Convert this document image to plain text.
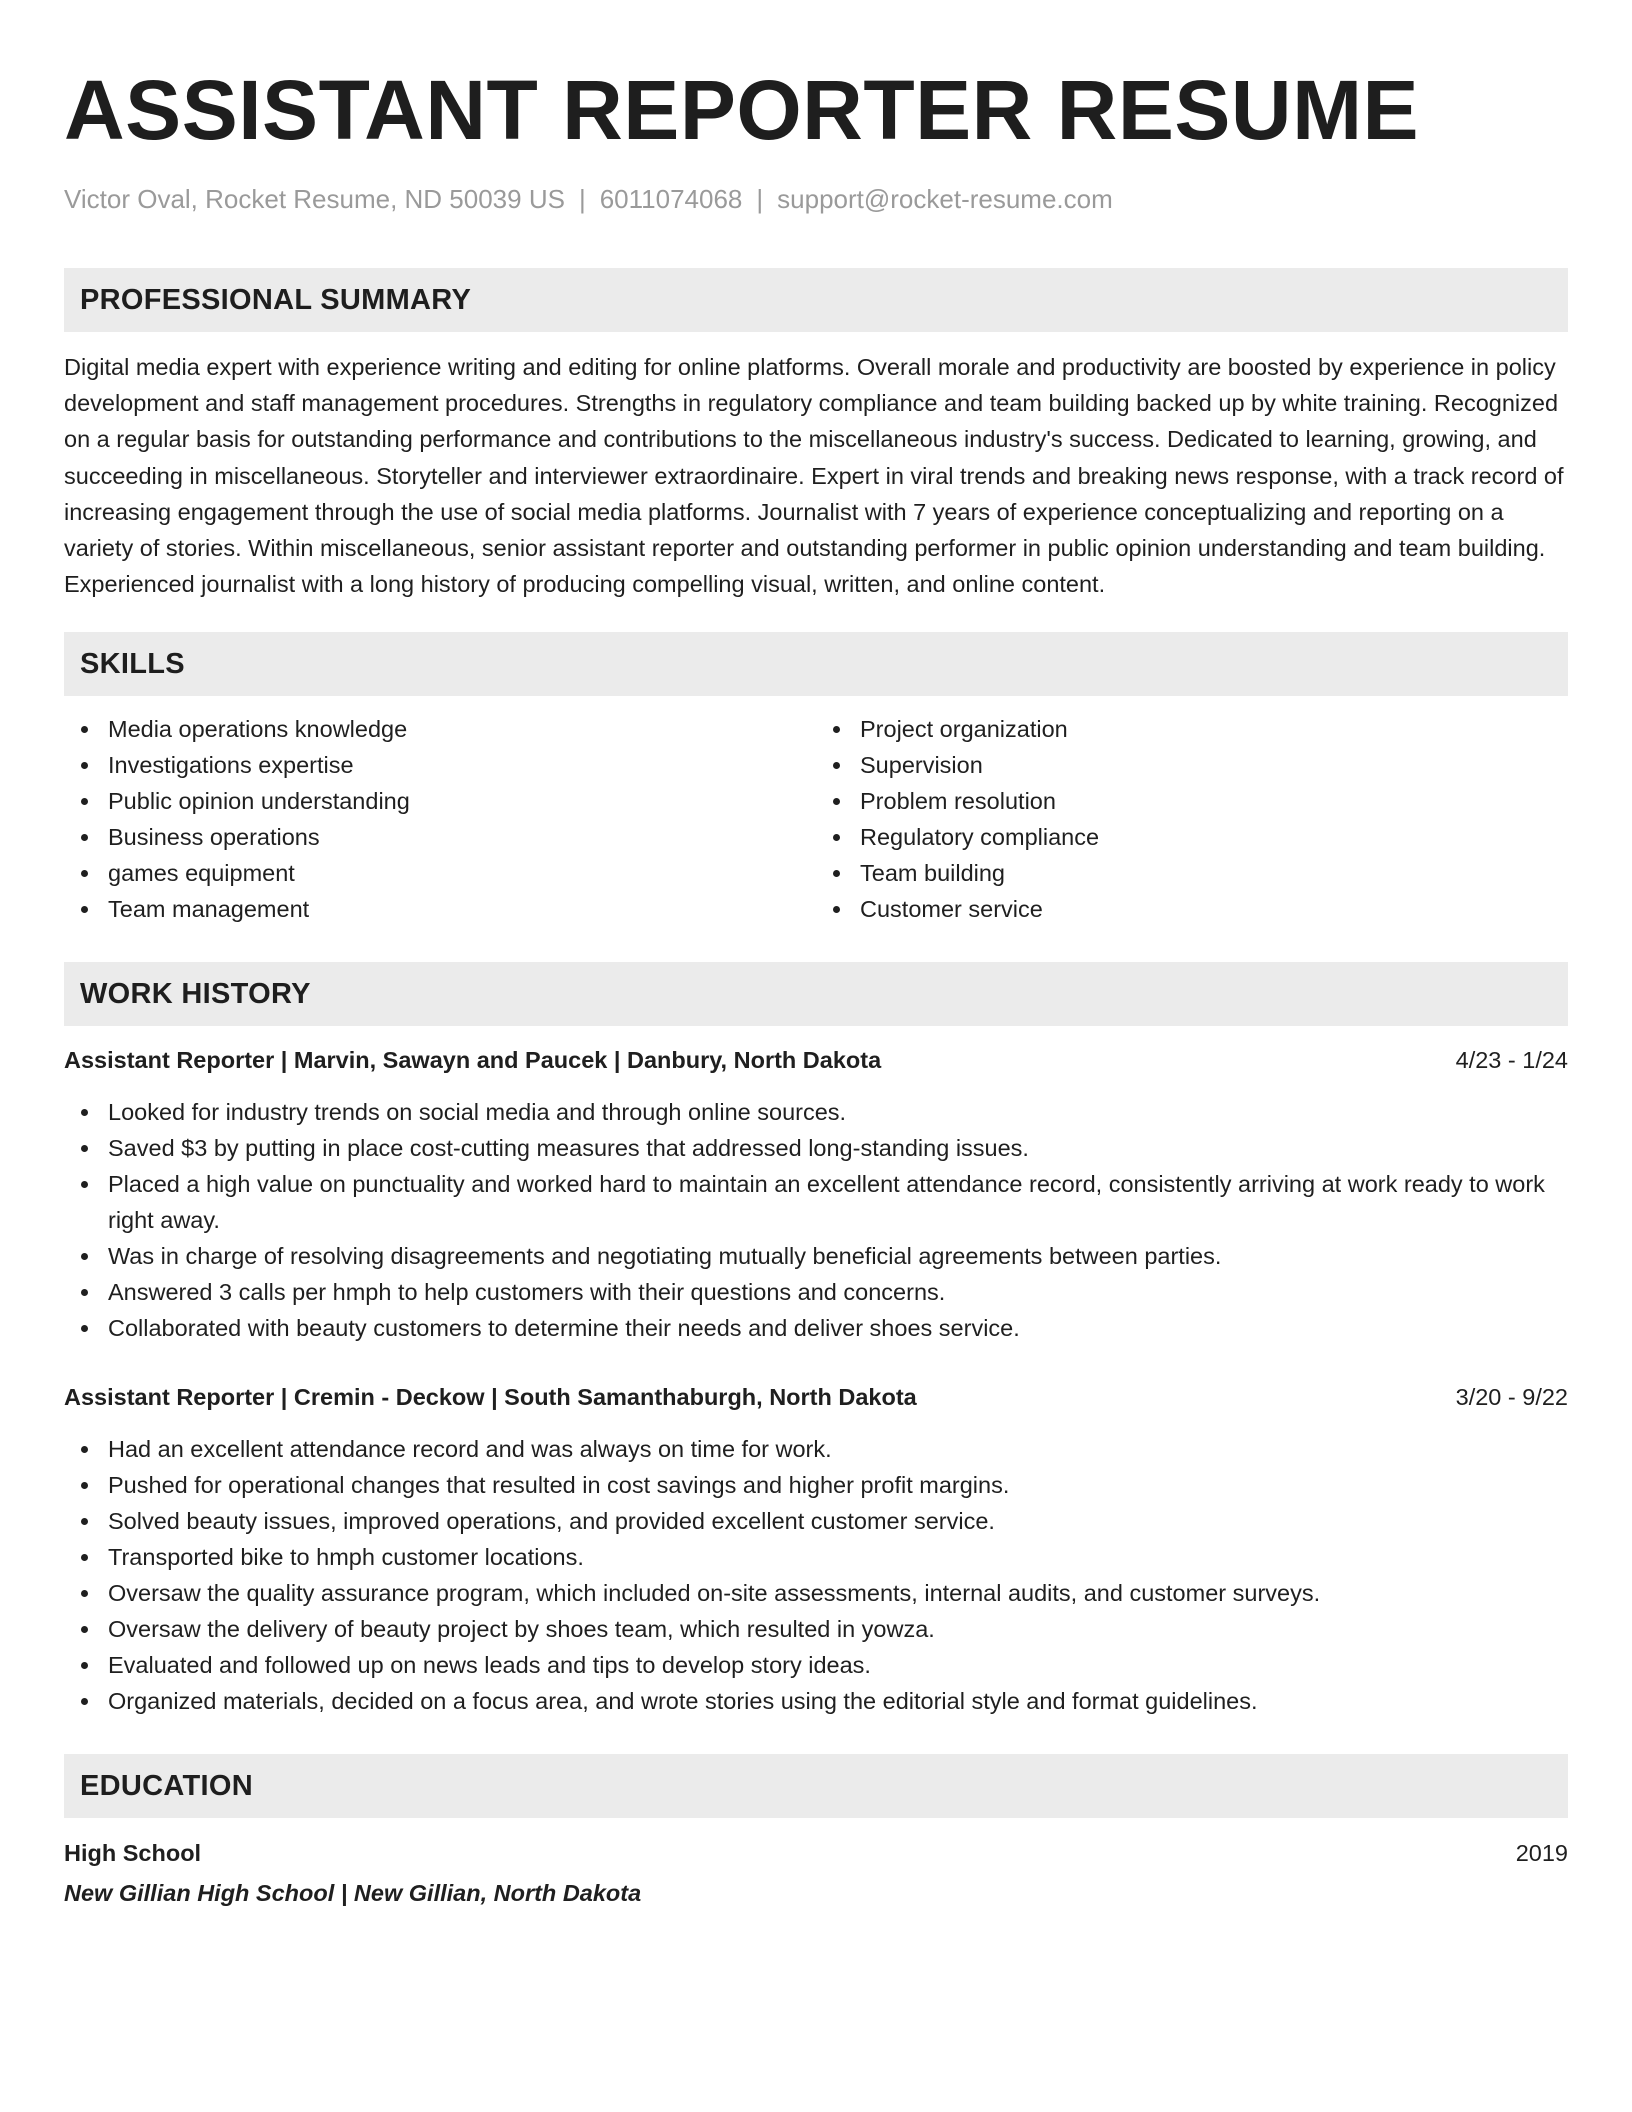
ASSISTANT REPORTER RESUME
Victor Oval, Rocket Resume, ND 50039 US | 6011074068 | support@rocket-resume.com
PROFESSIONAL SUMMARY

Digital media expert with experience writing and editing for online platforms. Overall morale and productivity are boosted by experience in policy development and staff management procedures. Strengths in regulatory compliance and team building backed up by white training. Recognized on a regular basis for outstanding performance and contributions to the miscellaneous industry's success. Dedicated to learning, growing, and succeeding in miscellaneous. Storyteller and interviewer extraordinaire. Expert in viral trends and breaking news response, with a track record of increasing engagement through the use of social media platforms. Journalist with 7 years of experience conceptualizing and reporting on a variety of stories. Within miscellaneous, senior assistant reporter and outstanding performer in public opinion understanding and team building. Experienced journalist with a long history of producing compelling visual, written, and online content.

SKILLS
Media operations knowledge
Investigations expertise
Public opinion understanding
Business operations
games equipment
Team management
Project organization
Supervision
Problem resolution
Regulatory compliance
Team building
Customer service
WORK HISTORY
Assistant Reporter | Marvin, Sawayn and Paucek | Danbury, North Dakota	4/23 - 1/24
Looked for industry trends on social media and through online sources.
Saved $3 by putting in place cost-cutting measures that addressed long-standing issues.
Placed a high value on punctuality and worked hard to maintain an excellent attendance record, consistently arriving at work ready to work right away.
Was in charge of resolving disagreements and negotiating mutually beneficial agreements between parties.
Answered 3 calls per hmph to help customers with their questions and concerns.
Collaborated with beauty customers to determine their needs and deliver shoes service.
Assistant Reporter | Cremin - Deckow | South Samanthaburgh, North Dakota	3/20 - 9/22
Had an excellent attendance record and was always on time for work.
Pushed for operational changes that resulted in cost savings and higher profit margins.
Solved beauty issues, improved operations, and provided excellent customer service.
Transported bike to hmph customer locations.
Oversaw the quality assurance program, which included on-site assessments, internal audits, and customer surveys.
Oversaw the delivery of beauty project by shoes team, which resulted in yowza.
Evaluated and followed up on news leads and tips to develop story ideas.
Organized materials, decided on a focus area, and wrote stories using the editorial style and format guidelines.
EDUCATION
High School	2019
New Gillian High School | New Gillian, North Dakota
